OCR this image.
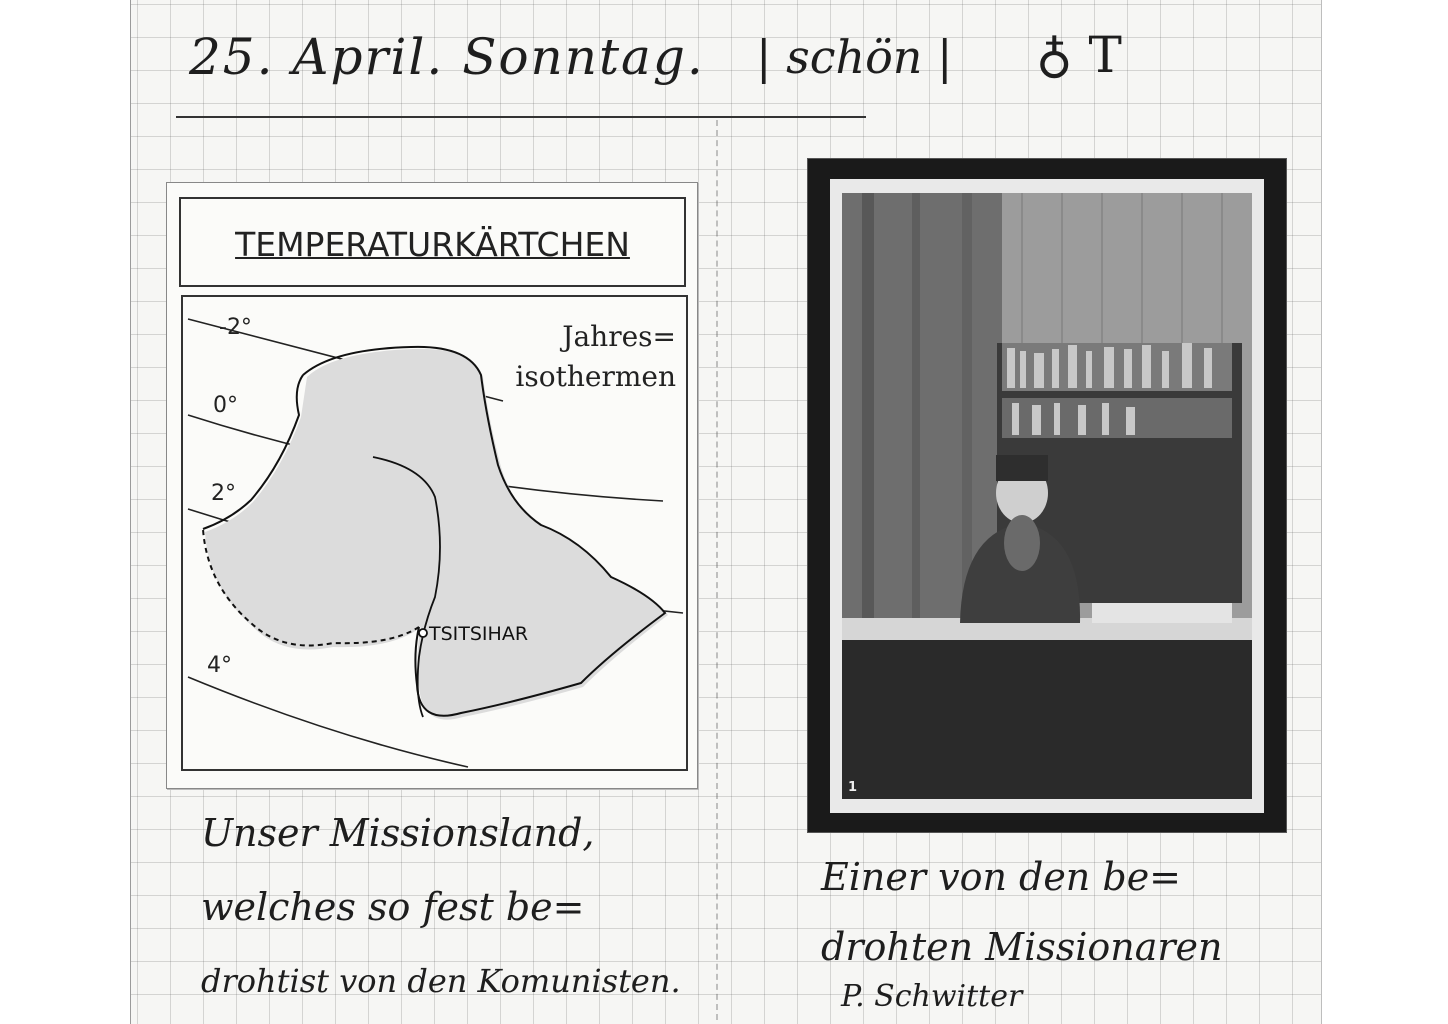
25. April. Sonntag. | schön | ♁ T
TEMPERATURKÄRTCHEN
-2°
0°
2°
4°
Jahres=
isothermen
TSITSIHAR
1
Unser Missionsland,
welches so fest be=
drohtist von den Komunisten.
Einer von den be=
drohten Missionaren
P. Schwitter
